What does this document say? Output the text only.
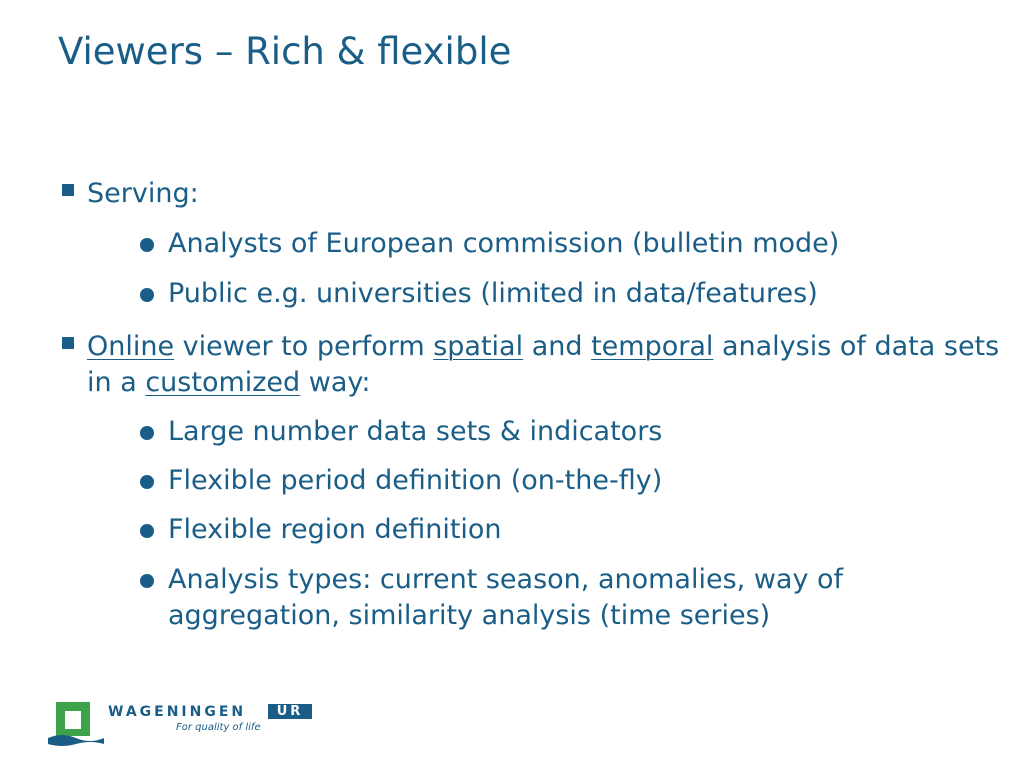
Viewers – Rich & flexible
Serving:
Analysts of European commission (bulletin mode)
Public e.g. universities (limited in data/features)
Online viewer to perform spatial and temporal analysis of data sets in a customized way:
Large number data sets & indicators
Flexible period definition (on-the-fly)
Flexible region definition
Analysis types: current season, anomalies, way of aggregation, similarity analysis (time series)
WAGENINGEN	UR
For quality of life
